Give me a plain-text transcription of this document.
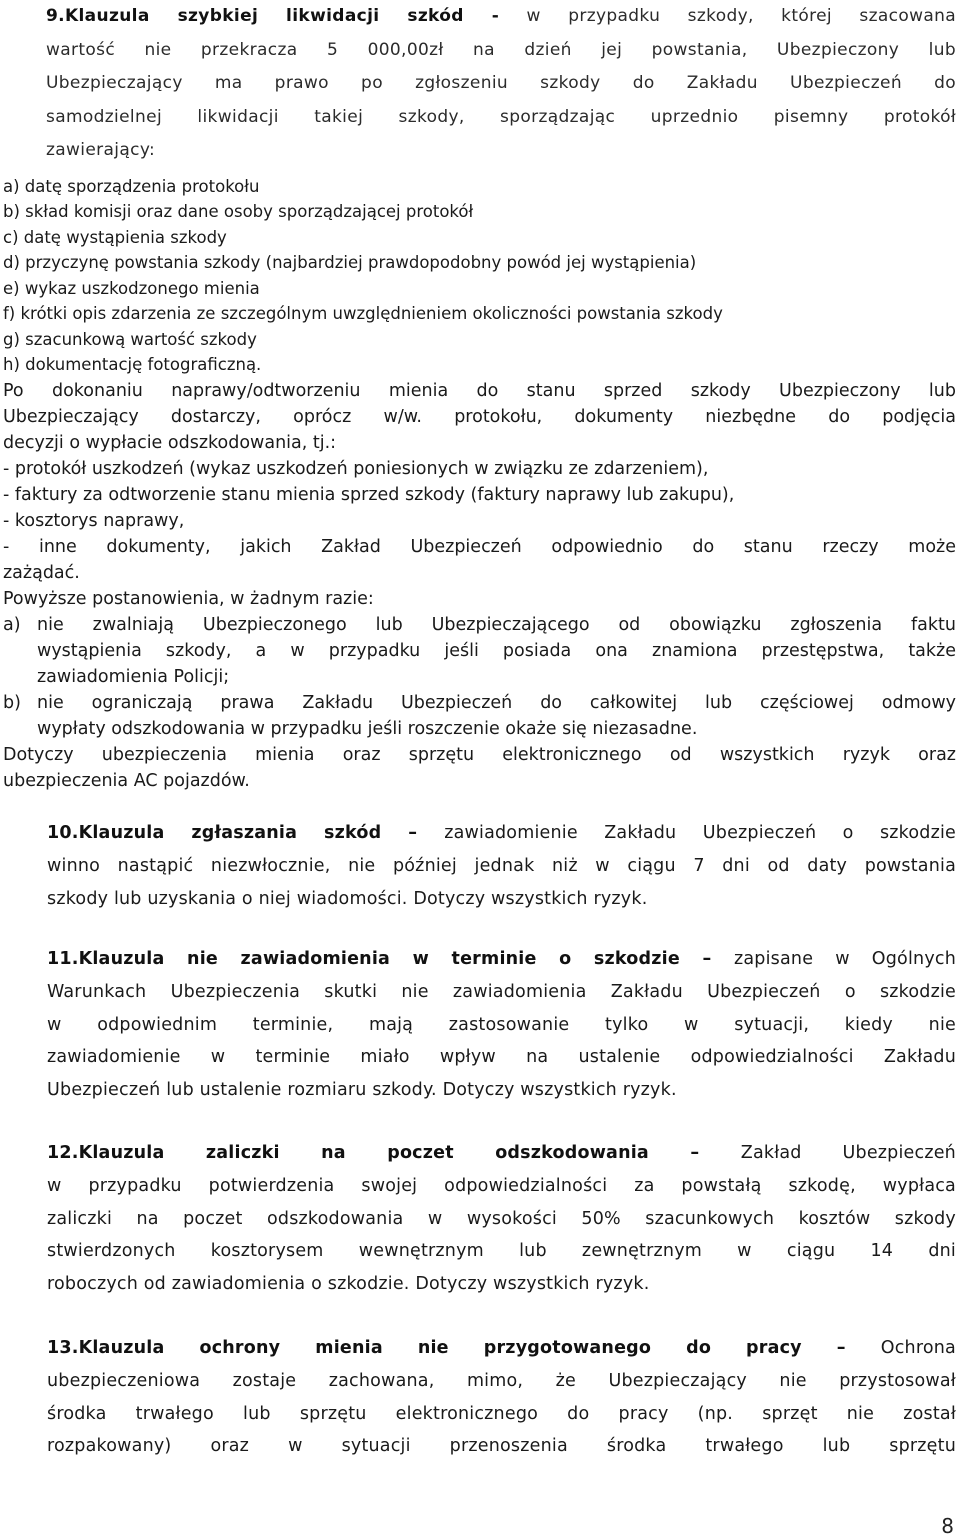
9.Klauzula szybkiej likwidacji szkód - w przypadku szkody, której szacowana
wartość nie przekracza 5 000,00zł na dzień jej powstania, Ubezpieczony lub
Ubezpieczający ma prawo po zgłoszeniu szkody do Zakładu Ubezpieczeń do
samodzielnej likwidacji takiej szkody, sporządzając uprzednio pisemny protokół
zawierający:
a) datę sporządzenia protokołu
b) skład komisji oraz dane osoby sporządzającej protokół
c) datę wystąpienia szkody
d) przyczynę powstania szkody (najbardziej prawdopodobny powód jej wystąpienia)
e) wykaz uszkodzonego mienia
f) krótki opis zdarzenia ze szczególnym uwzględnieniem okoliczności powstania szkody
g) szacunkową wartość szkody
h) dokumentację fotograficzną.
Po dokonaniu naprawy/odtworzeniu mienia do stanu sprzed szkody Ubezpieczony lub
Ubezpieczający dostarczy, oprócz w/w. protokołu, dokumenty niezbędne do podjęcia
decyzji o wypłacie odszkodowania, tj.:
- protokół uszkodzeń (wykaz uszkodzeń poniesionych w związku ze zdarzeniem),
- faktury za odtworzenie stanu mienia sprzed szkody (faktury naprawy lub zakupu),
- kosztorys naprawy,
- inne dokumenty, jakich Zakład Ubezpieczeń odpowiednio do stanu rzeczy może
zażądać.
Powyższe postanowienia, w żadnym razie:
a) nie zwalniają Ubezpieczonego lub Ubezpieczającego od obowiązku zgłoszenia faktu
wystąpienia szkody, a w przypadku jeśli posiada ona znamiona przestępstwa, także
zawiadomienia Policji;
b) nie ograniczają prawa Zakładu Ubezpieczeń do całkowitej lub częściowej odmowy
wypłaty odszkodowania w przypadku jeśli roszczenie okaże się niezasadne.
Dotyczy ubezpieczenia mienia oraz sprzętu elektronicznego od wszystkich ryzyk oraz
ubezpieczenia AC pojazdów.
10.Klauzula zgłaszania szkód – zawiadomienie Zakładu Ubezpieczeń o szkodzie
winno nastąpić niezwłocznie, nie później jednak niż w ciągu 7 dni od daty powstania
szkody lub uzyskania o niej wiadomości. Dotyczy wszystkich ryzyk.
11.Klauzula nie zawiadomienia w terminie o szkodzie – zapisane w Ogólnych
Warunkach Ubezpieczenia skutki nie zawiadomienia Zakładu Ubezpieczeń o szkodzie
w odpowiednim terminie, mają zastosowanie tylko w sytuacji, kiedy nie
zawiadomienie w terminie miało wpływ na ustalenie odpowiedzialności Zakładu
Ubezpieczeń lub ustalenie rozmiaru szkody. Dotyczy wszystkich ryzyk.
12.Klauzula zaliczki na poczet odszkodowania – Zakład Ubezpieczeń
w przypadku potwierdzenia swojej odpowiedzialności za powstałą szkodę, wypłaca
zaliczki na poczet odszkodowania w wysokości 50% szacunkowych kosztów szkody
stwierdzonych kosztorysem wewnętrznym lub zewnętrznym w ciągu 14 dni
roboczych od zawiadomienia o szkodzie. Dotyczy wszystkich ryzyk.
13.Klauzula ochrony mienia nie przygotowanego do pracy – Ochrona
ubezpieczeniowa zostaje zachowana, mimo, że Ubezpieczający nie przystosował
środka trwałego lub sprzętu elektronicznego do pracy (np. sprzęt nie został
rozpakowany) oraz w sytuacji przenoszenia środka trwałego lub sprzętu
8
